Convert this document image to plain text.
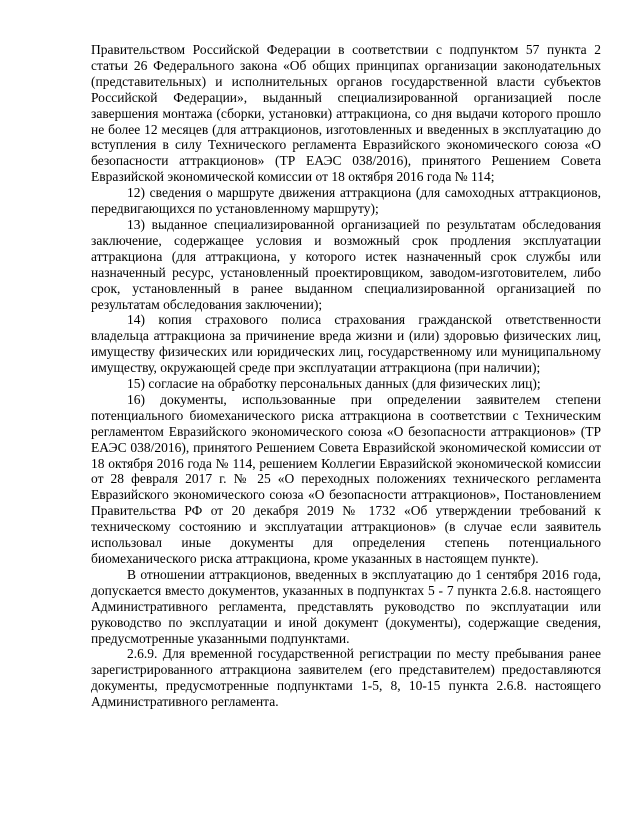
Правительством Российской Федерации в соответствии с подпунктом 57 пункта 2 статьи 26 Федерального закона «Об общих принципах организации законодательных (представительных) и исполнительных органов государственной власти субъектов Российской Федерации», выданный специализированной организацией после завершения монтажа (сборки, установки) аттракциона, со дня выдачи которого прошло не более 12 месяцев (для аттракционов, изготовленных и введенных в эксплуатацию до вступления в силу Технического регламента Евразийского экономического союза «О безопасности аттракционов» (ТР ЕАЭС 038/2016), принятого Решением Совета Евразийской экономической комиссии от 18 октября 2016 года № 114;

12) сведения о маршруте движения аттракциона (для самоходных аттракционов, передвигающихся по установленному маршруту);

13) выданное специализированной организацией по результатам обследования заключение, содержащее условия и возможный срок продления эксплуатации аттракциона (для аттракциона, у которого истек назначенный срок службы или назначенный ресурс, установленный проектировщиком, заводом-изготовителем, либо срок, установленный в ранее выданном специализированной организацией по результатам обследования заключении);

14) копия страхового полиса страхования гражданской ответственности владельца аттракциона за причинение вреда жизни и (или) здоровью физических лиц, имуществу физических или юридических лиц, государственному или муниципальному имуществу, окружающей среде при эксплуатации аттракциона (при наличии);

15) согласие на обработку персональных данных (для физических лиц);

16) документы, использованные при определении заявителем степени потенциального биомеханического риска аттракциона в соответствии с Техническим регламентом Евразийского экономического союза «О безопасности аттракционов» (ТР ЕАЭС 038/2016), принятого Решением Совета Евразийской экономической комиссии от 18 октября 2016 года № 114, решением Коллегии Евразийской экономической комиссии от 28 февраля 2017 г. № 25 «О переходных положениях технического регламента Евразийского экономического союза «О безопасности аттракционов», Постановлением Правительства РФ от 20 декабря 2019 № 1732 «Об утверждении требований к техническому состоянию и эксплуатации аттракционов» (в случае если заявитель использовал иные документы для определения степень потенциального биомеханического риска аттракциона, кроме указанных в настоящем пункте).

В отношении аттракционов, введенных в эксплуатацию до 1 сентября 2016 года, допускается вместо документов, указанных в подпунктах 5 - 7 пункта 2.6.8. настоящего Административного регламента, представлять руководство по эксплуатации или руководство по эксплуатации и иной документ (документы), содержащие сведения, предусмотренные указанными подпунктами.

2.6.9. Для временной государственной регистрации по месту пребывания ранее зарегистрированного аттракциона заявителем (его представителем) предоставляются документы, предусмотренные подпунктами 1-5, 8, 10-15 пункта 2.6.8. настоящего Административного регламента.
